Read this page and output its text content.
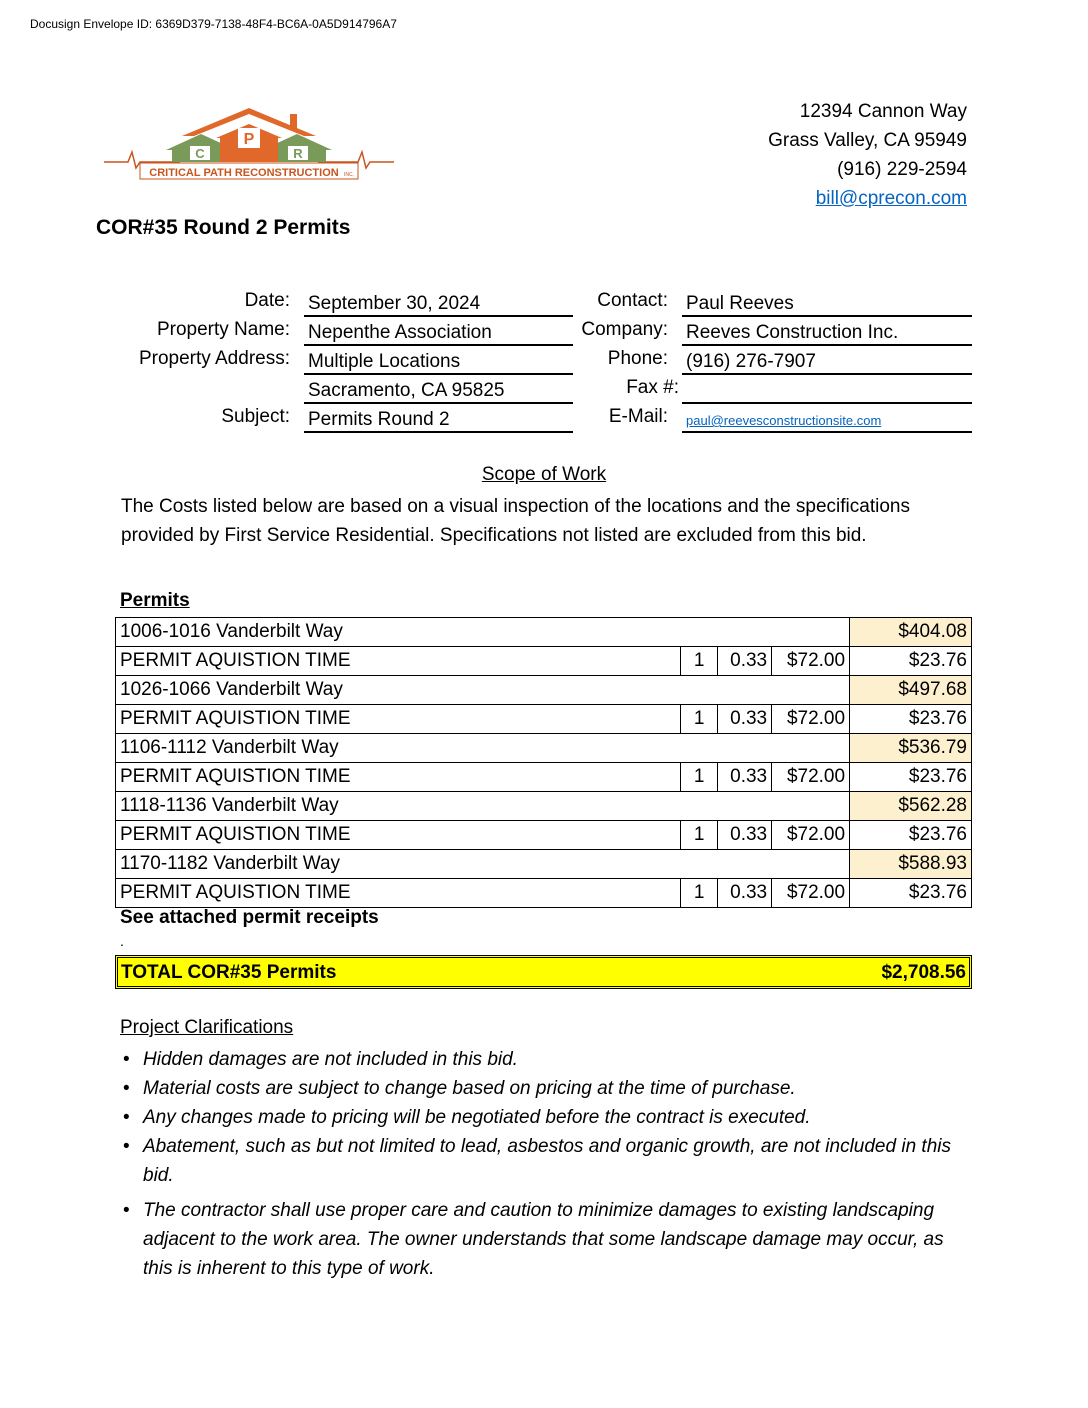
Docusign Envelope ID: 6369D379-7138-48F4-BC6A-0A5D914796A7
P
C	R
CRITICAL PATH RECONSTRUCTION INC.
12394 Cannon Way
Grass Valley, CA 95949
(916) 229-2594
bill@cprecon.com
COR#35 Round 2 Permits
Date: September 30, 2024
Property Name: Nepenthe Association
Property Address: Multiple Locations
Sacramento, CA 95825
Subject: Permits Round 2
Contact: Paul Reeves
Company: Reeves Construction Inc.
Phone: (916) 276-7907
Fax #:
E-Mail:	paul@reevesconstructionsite.com
Scope of Work
The Costs listed below are based on a visual inspection of the locations and the specifications provided by First Service Residential. Specifications not listed are excluded from this bid.
Permits
1006-1016 Vanderbilt Way				$404.08
PERMIT AQUISTION TIME	1	0.33	$72.00	$23.76
1026-1066 Vanderbilt Way				$497.68
PERMIT AQUISTION TIME	1	0.33	$72.00	$23.76
1106-1112 Vanderbilt Way				$536.79
PERMIT AQUISTION TIME	1	0.33	$72.00	$23.76
1118-1136 Vanderbilt Way				$562.28
PERMIT AQUISTION TIME	1	0.33	$72.00	$23.76
1170-1182 Vanderbilt Way				$588.93
PERMIT AQUISTION TIME	1	0.33	$72.00	$23.76
See attached permit receipts
.
TOTAL COR#35 Permits	$2,708.56
Project Clarifications
• Hidden damages are not included in this bid.
• Material costs are subject to change based on pricing at the time of purchase.
• Any changes made to pricing will be negotiated before the contract is executed.
• Abatement, such as but not limited to lead, asbestos and organic growth, are not included in this bid.
• The contractor shall use proper care and caution to minimize damages to existing landscaping adjacent to the work area. The owner understands that some landscape damage may occur, as this is inherent to this type of work.
